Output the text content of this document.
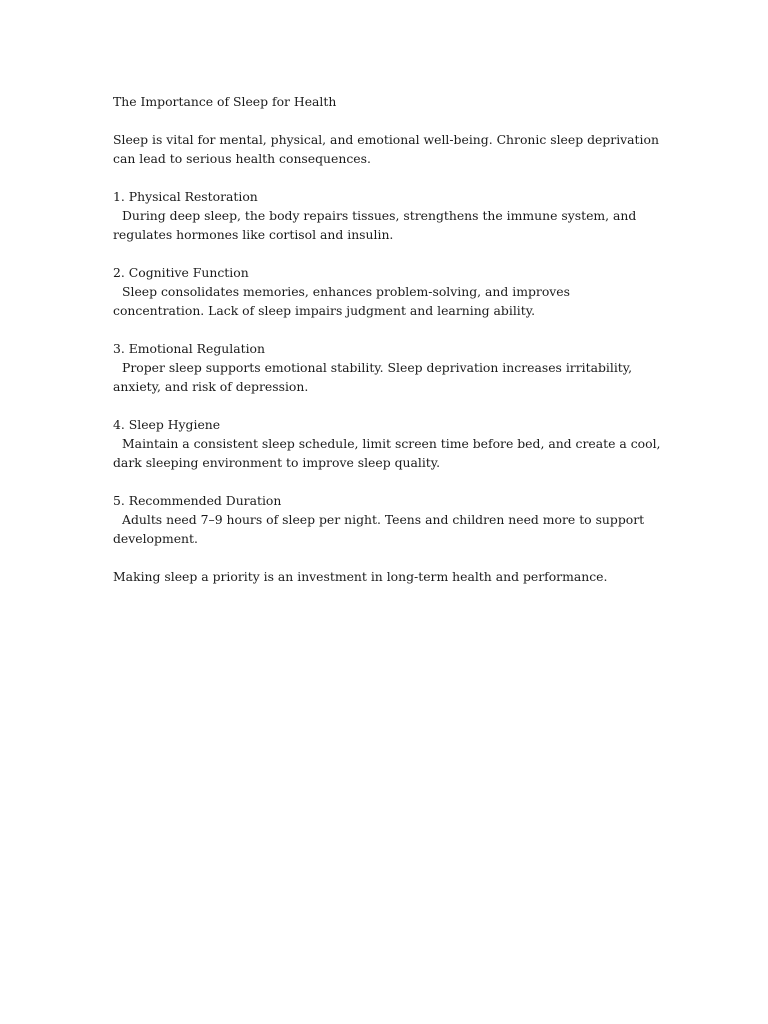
The Importance of Sleep for Health

Sleep is vital for mental, physical, and emotional well-being. Chronic sleep deprivation can lead to serious health consequences.

1. Physical Restoration

During deep sleep, the body repairs tissues, strengthens the immune system, and regulates hormones like cortisol and insulin.

2. Cognitive Function

Sleep consolidates memories, enhances problem-solving, and improves concentration. Lack of sleep impairs judgment and learning ability.

3. Emotional Regulation

Proper sleep supports emotional stability. Sleep deprivation increases irritability, anxiety, and risk of depression.

4. Sleep Hygiene

Maintain a consistent sleep schedule, limit screen time before bed, and create a cool, dark sleeping environment to improve sleep quality.

5. Recommended Duration

Adults need 7–9 hours of sleep per night. Teens and children need more to support development.

Making sleep a priority is an investment in long-term health and performance.
